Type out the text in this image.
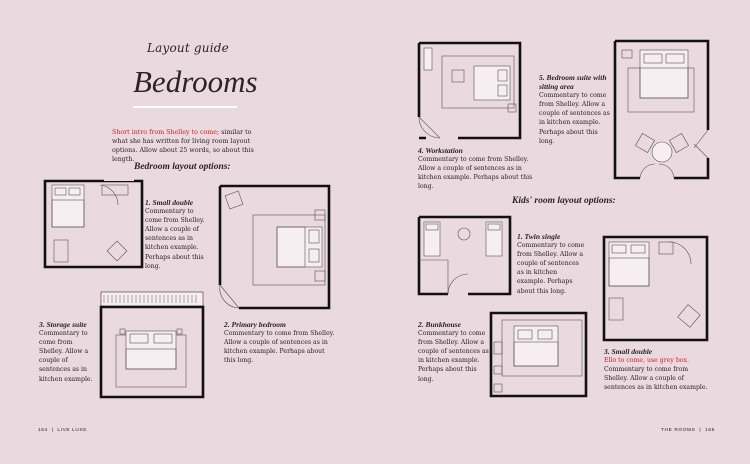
Layout guide
Bedrooms
Short intro from Shelley to come; similar to what she has written for living room layout options. Allow about 25 words, so about this length.
Bedroom layout options:
1. Small double
Commentary to come from Shelley. Allow a couple of sentences as in kitchen example. Perhaps about this long.
2. Primary bedroom
Commentary to come from Shelley. Allow a couple of sentences as in kitchen example. Perhaps about this long.
3. Storage suite
Commentary to come from Shelley. Allow a couple of sentences as in kitchen example.
164 | LIVE LUXE
4. Workstation
Commentary to come from Shelley. Allow a couple of sentences as in kitchen example. Perhaps about this long.
5. Bedroom suite with sitting area
Commentary to come from Shelley. Allow a couple of sentences as in kitchen example. Perhaps about this long.
Kids' room layout options:
1. Twin single
Commentary to come from Shelley. Allow a couple of sentences as in kitchen example. Perhaps about this long.
2. Bunkhouse
Commentary to come from Shelley. Allow a couple of sentences as in kitchen example. Perhaps about this long.
3. Small double
Ello to come, use grey box. Commentary to come from Shelley. Allow a couple of sentences as in kitchen example.
THE ROOMS | 165
